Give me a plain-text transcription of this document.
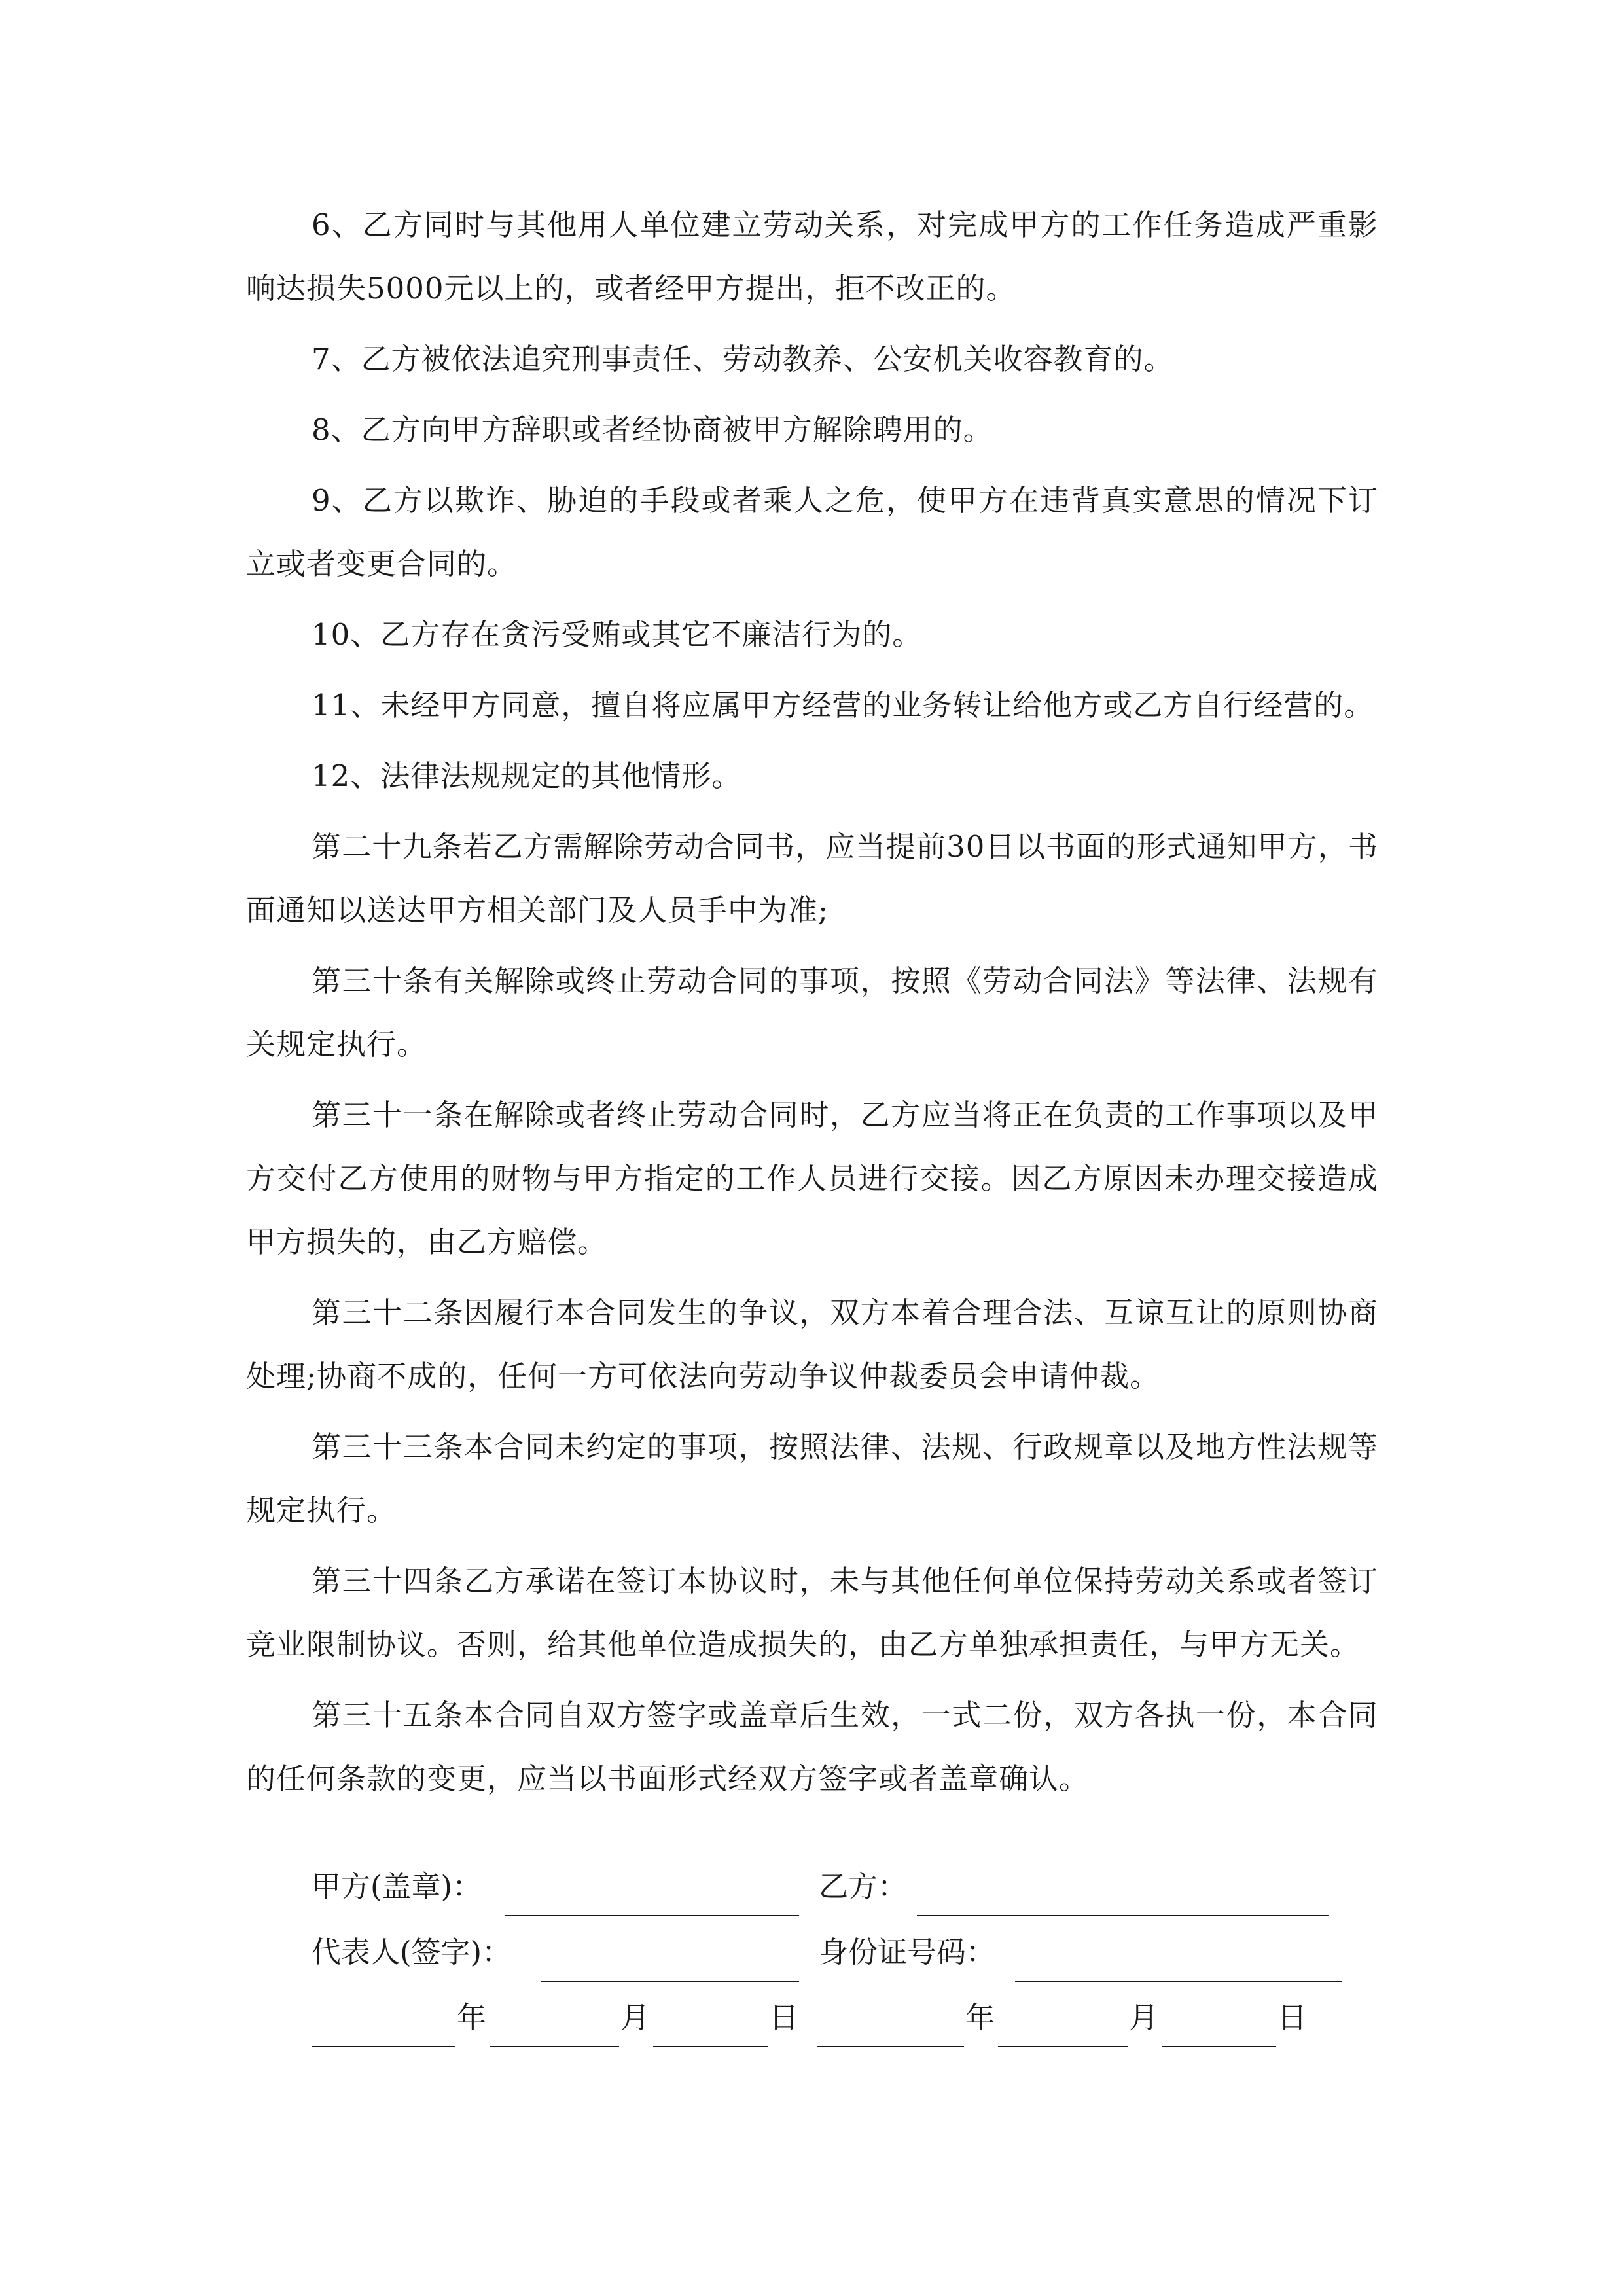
6、乙方同时与其他用人单位建立劳动关系，对完成甲方的工作任务造成严重影响达损失5000元以上的，或者经甲方提出，拒不改正的。

7、乙方被依法追究刑事责任、劳动教养、公安机关收容教育的。

8、乙方向甲方辞职或者经协商被甲方解除聘用的。

9、乙方以欺诈、胁迫的手段或者乘人之危，使甲方在违背真实意思的情况下订立或者变更合同的。

10、乙方存在贪污受贿或其它不廉洁行为的。

11、未经甲方同意，擅自将应属甲方经营的业务转让给他方或乙方自行经营的。

12、法律法规规定的其他情形。

第二十九条若乙方需解除劳动合同书，应当提前30日以书面的形式通知甲方，书面通知以送达甲方相关部门及人员手中为准;

第三十条有关解除或终止劳动合同的事项，按照《劳动合同法》等法律、法规有关规定执行。

第三十一条在解除或者终止劳动合同时，乙方应当将正在负责的工作事项以及甲方交付乙方使用的财物与甲方指定的工作人员进行交接。因乙方原因未办理交接造成甲方损失的，由乙方赔偿。

第三十二条因履行本合同发生的争议，双方本着合理合法、互谅互让的原则协商处理;协商不成的，任何一方可依法向劳动争议仲裁委员会申请仲裁。

第三十三条本合同未约定的事项，按照法律、法规、行政规章以及地方性法规等规定执行。

第三十四条乙方承诺在签订本协议时，未与其他任何单位保持劳动关系或者签订竞业限制协议。否则，给其他单位造成损失的，由乙方单独承担责任，与甲方无关。

第三十五条本合同自双方签字或盖章后生效，一式二份，双方各执一份，本合同的任何条款的变更，应当以书面形式经双方签字或者盖章确认。

甲方(盖章)：	乙方：
代表人(签字)：	身份证号码：
年	月	日	年	月	日
